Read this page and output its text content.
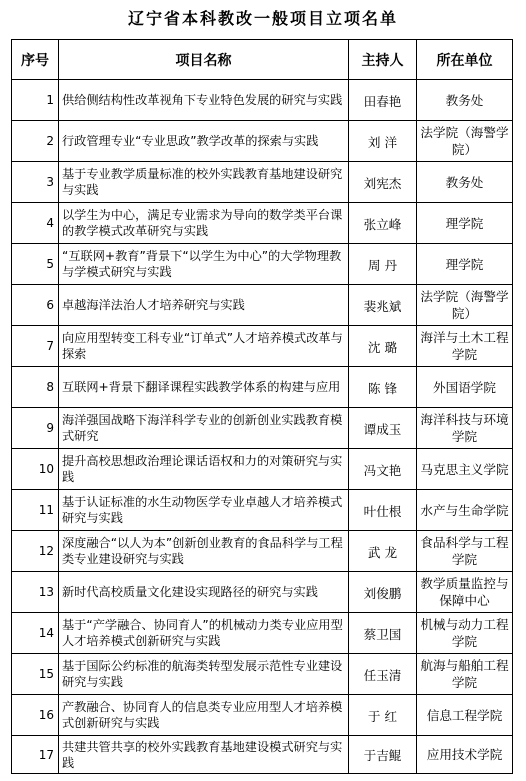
辽宁省本科教改一般项目立项名单
序号	项目名称	主持人	所在单位
1	供给侧结构性改革视角下专业特色发展的研究与实践	田春艳	教务处
2	行政管理专业“专业思政”教学改革的探索与实践	刘 洋	法学院（海警学院）
3	基于专业教学质量标准的校外实践教育基地建设研究与实践	刘宪杰	教务处
4	以学生为中心，满足专业需求为导向的数学类平台课的教学模式改革研究与实践	张立峰	理学院
5	“互联网+教育”背景下“以学生为中心”的大学物理教与学模式研究与实践	周 丹	理学院
6	卓越海洋法治人才培养研究与实践	裴兆斌	法学院（海警学院）
7	向应用型转变工科专业“订单式”人才培养模式改革与探索	沈 璐	海洋与土木工程学院
8	互联网+背景下翻译课程实践教学体系的构建与应用	陈 锋	外国语学院
9	海洋强国战略下海洋科学专业的创新创业实践教育模式研究	谭成玉	海洋科技与环境学院
10	提升高校思想政治理论课话语权和力的对策研究与实践	冯文艳	马克思主义学院
11	基于认证标准的水生动物医学专业卓越人才培养模式研究与实践	叶仕根	水产与生命学院
12	深度融合“以人为本”创新创业教育的食品科学与工程类专业建设研究与实践	武 龙	食品科学与工程学院
13	新时代高校质量文化建设实现路径的研究与实践	刘俊鹏	教学质量监控与保障中心
14	基于“产学融合、协同育人”的机械动力类专业应用型人才培养模式创新研究与实践	蔡卫国	机械与动力工程学院
15	基于国际公约标准的航海类转型发展示范性专业建设研究与实践	任玉清	航海与船舶工程学院
16	产教融合、协同育人的信息类专业应用型人才培养模式创新研究与实践	于 红	信息工程学院
17	共建共管共享的校外实践教育基地建设模式研究与实践	于吉鲲	应用技术学院
